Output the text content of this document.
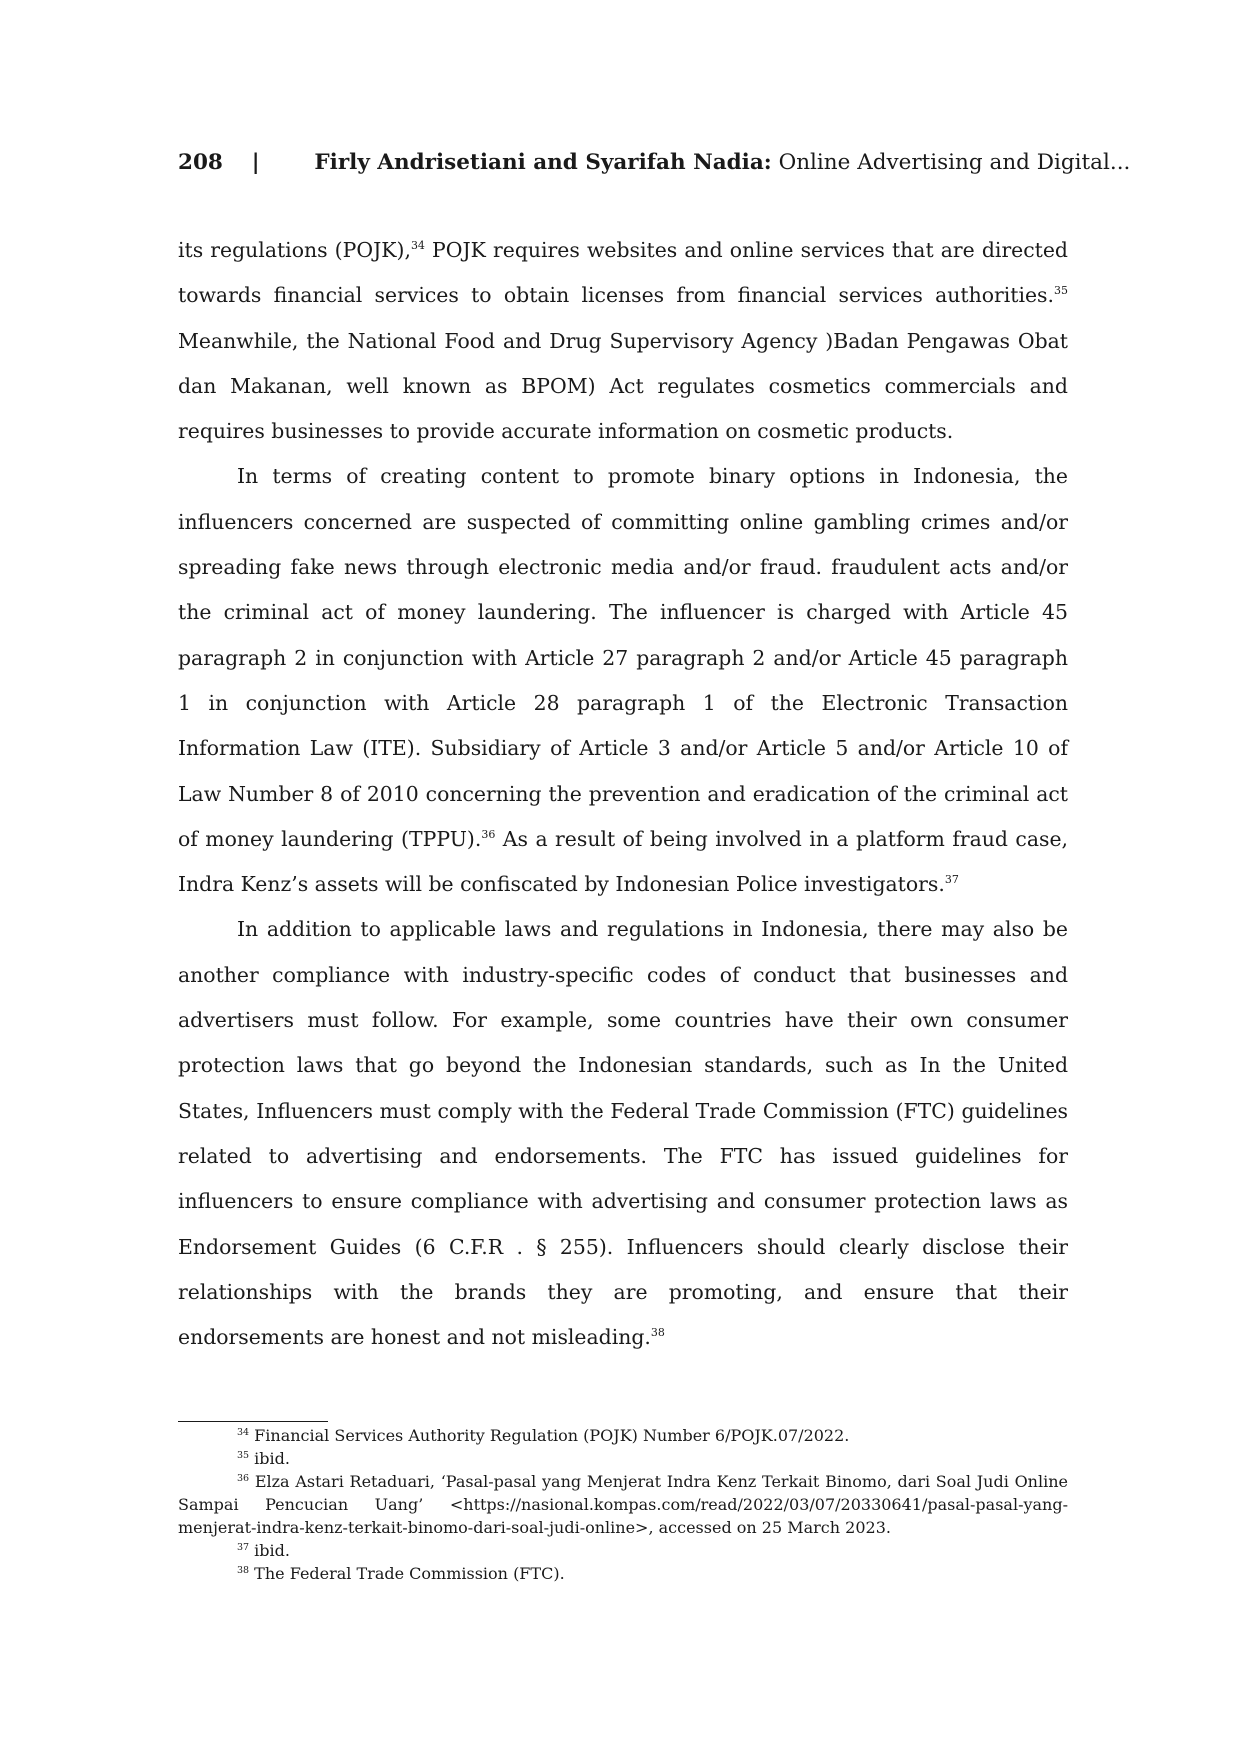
208 |	Firly Andrisetiani and Syarifah Nadia: Online Advertising and Digital...

its regulations (POJK),$^{34}$ POJK requires websites and online services that are directed towards financial services to obtain licenses from financial services authorities.$^{35}$ Meanwhile, the National Food and Drug Supervisory Agency )Badan Pengawas Obat dan Makanan, well known as BPOM) Act regulates cosmetics commercials and requires businesses to provide accurate information on cosmetic products.

In terms of creating content to promote binary options in Indonesia, the influencers concerned are suspected of committing online gambling crimes and/or spreading fake news through electronic media and/or fraud. fraudulent acts and/or the criminal act of money laundering. The influencer is charged with Article 45 paragraph 2 in conjunction with Article 27 paragraph 2 and/or Article 45 paragraph 1 in conjunction with Article 28 paragraph 1 of the Electronic Transaction Information Law (ITE). Subsidiary of Article 3 and/or Article 5 and/or Article 10 of Law Number 8 of 2010 concerning the prevention and eradication of the criminal act of money laundering (TPPU).$^{36}$ As a result of being involved in a platform fraud case, Indra Kenz’s assets will be confiscated by Indonesian Police investigators.$^{37}$

In addition to applicable laws and regulations in Indonesia, there may also be another compliance with industry-specific codes of conduct that businesses and advertisers must follow. For example, some countries have their own consumer protection laws that go beyond the Indonesian standards, such as In the United States, Influencers must comply with the Federal Trade Commission (FTC) guidelines related to advertising and endorsements. The FTC has issued guidelines for influencers to ensure compliance with advertising and consumer protection laws as Endorsement Guides (6 C.F.R . § 255). Influencers should clearly disclose their relationships with the brands they are promoting, and ensure that their endorsements are honest and not misleading.$^{38}$

$^{34}$ Financial Services Authority Regulation (POJK) Number 6/POJK.07/2022.

$^{35}$ ibid.

$^{36}$ Elza Astari Retaduari, ‘Pasal-pasal yang Menjerat Indra Kenz Terkait Binomo, dari Soal Judi Online Sampai Pencucian Uang’ <https://nasional.kompas.com/read/2022/03/07/20330641/pasal-pasal-yang-menjerat-indra-kenz-terkait-binomo-dari-soal-judi-online>, accessed on 25 March 2023.

$^{37}$ ibid.

$^{38}$ The Federal Trade Commission (FTC).
